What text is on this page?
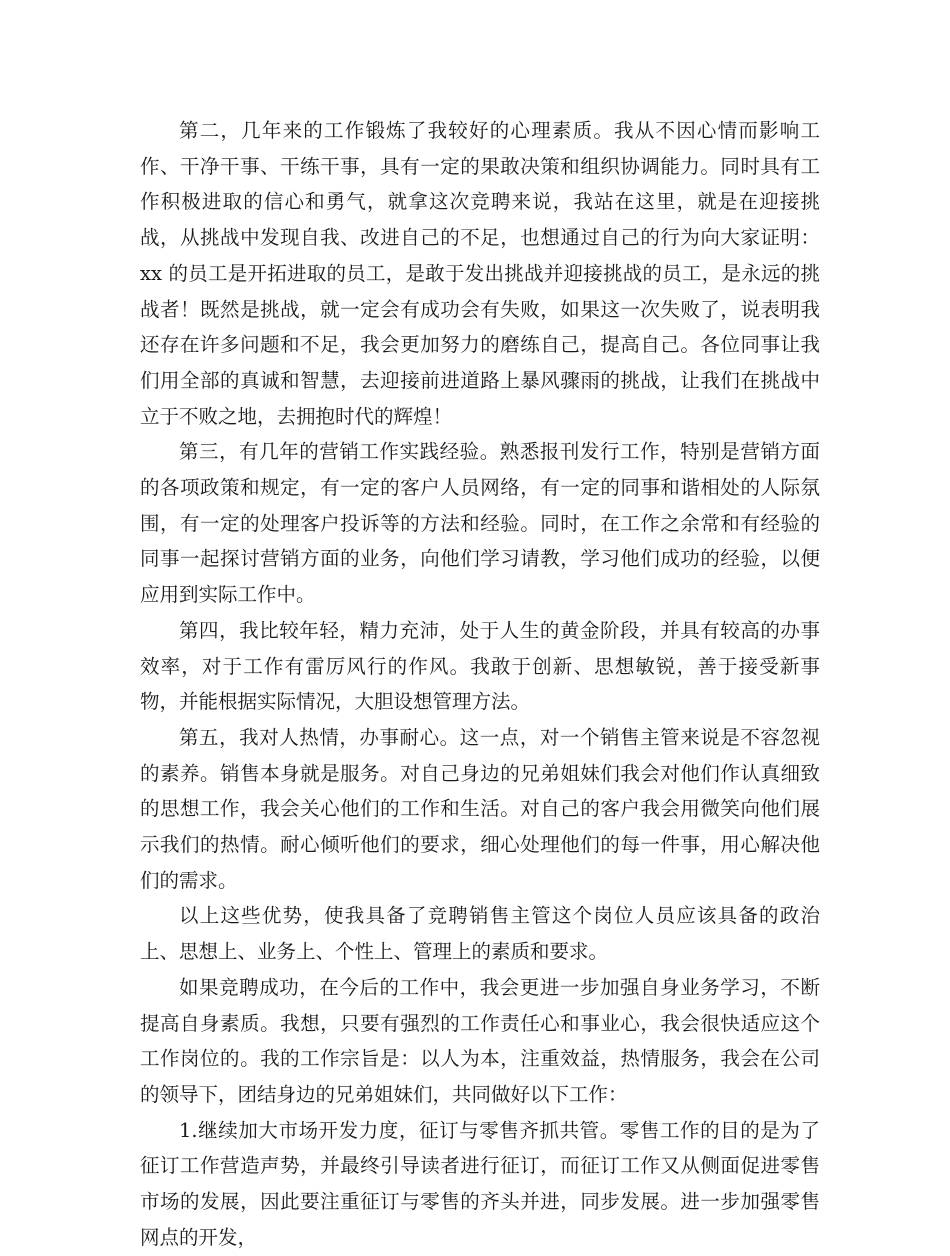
第二，几年来的工作锻炼了我较好的心理素质。我从不因心情而影响工作、干净干事、干练干事，具有一定的果敢决策和组织协调能力。同时具有工作积极进取的信心和勇气，就拿这次竞聘来说，我站在这里，就是在迎接挑战，从挑战中发现自我、改进自己的不足，也想通过自己的行为向大家证明：xx 的员工是开拓进取的员工，是敢于发出挑战并迎接挑战的员工，是永远的挑战者！既然是挑战，就一定会有成功会有失败，如果这一次失败了，说表明我还存在许多问题和不足，我会更加努力的磨练自己，提高自己。各位同事让我们用全部的真诚和智慧，去迎接前进道路上暴风骤雨的挑战，让我们在挑战中立于不败之地，去拥抱时代的辉煌！

第三，有几年的营销工作实践经验。熟悉报刊发行工作，特别是营销方面的各项政策和规定，有一定的客户人员网络，有一定的同事和谐相处的人际氛围，有一定的处理客户投诉等的方法和经验。同时，在工作之余常和有经验的同事一起探讨营销方面的业务，向他们学习请教，学习他们成功的经验，以便应用到实际工作中。

第四，我比较年轻，精力充沛，处于人生的黄金阶段，并具有较高的办事效率，对于工作有雷厉风行的作风。我敢于创新、思想敏锐，善于接受新事物，并能根据实际情况，大胆设想管理方法。

第五，我对人热情，办事耐心。这一点，对一个销售主管来说是不容忽视的素养。销售本身就是服务。对自己身边的兄弟姐妹们我会对他们作认真细致的思想工作，我会关心他们的工作和生活。对自己的客户我会用微笑向他们展示我们的热情。耐心倾听他们的要求，细心处理他们的每一件事，用心解决他们的需求。

以上这些优势，使我具备了竞聘销售主管这个岗位人员应该具备的政治上、思想上、业务上、个性上、管理上的素质和要求。

如果竞聘成功，在今后的工作中，我会更进一步加强自身业务学习，不断提高自身素质。我想，只要有强烈的工作责任心和事业心，我会很快适应这个工作岗位的。我的工作宗旨是：以人为本，注重效益，热情服务，我会在公司的领导下，团结身边的兄弟姐妹们，共同做好以下工作：

1.继续加大市场开发力度，征订与零售齐抓共管。零售工作的目的是为了征订工作营造声势，并最终引导读者进行征订，而征订工作又从侧面促进零售市场的发展，因此要注重征订与零售的齐头并进，同步发展。进一步加强零售网点的开发，
